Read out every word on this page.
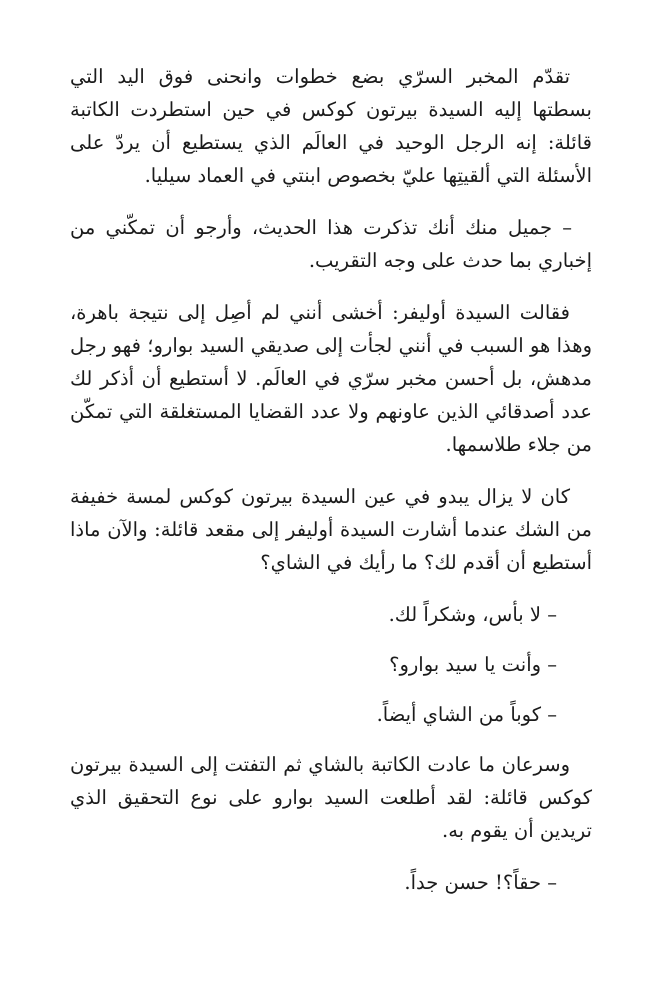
تقدّم المخبر السرّي بضع خطوات وانحنى فوق اليد التي بسطتها إليه السيدة بيرتون كوكس في حين استطردت الكاتبة قائلة: إنه الرجل الوحيد في العالَم الذي يستطيع أن يردّ على الأسئلة التي ألقيتِها عليّ بخصوص ابنتي في العماد سيليا.

– جميل منك أنك تذكرت هذا الحديث، وأرجو أن تمكّني من إخباري بما حدث على وجه التقريب.

فقالت السيدة أوليفر: أخشى أنني لم أصِل إلى نتيجة باهرة، وهذا هو السبب في أنني لجأت إلى صديقي السيد بوارو؛ فهو رجل مدهش، بل أحسن مخبر سرّي في العالَم. لا أستطيع أن أذكر لك عدد أصدقائي الذين عاونهم ولا عدد القضايا المستغلقة التي تمكّن من جلاء طلاسمها.

كان لا يزال يبدو في عين السيدة بيرتون كوكس لمسة خفيفة من الشك عندما أشارت السيدة أوليفر إلى مقعد قائلة: والآن ماذا أستطيع أن أقدم لك؟ ما رأيك في الشاي؟

– لا بأس، وشكراً لك.

– وأنت يا سيد بوارو؟

– كوباً من الشاي أيضاً.

وسرعان ما عادت الكاتبة بالشاي ثم التفتت إلى السيدة بيرتون كوكس قائلة: لقد أطلعت السيد بوارو على نوع التحقيق الذي تريدين أن يقوم به.

– حقاً؟! حسن جداً.
